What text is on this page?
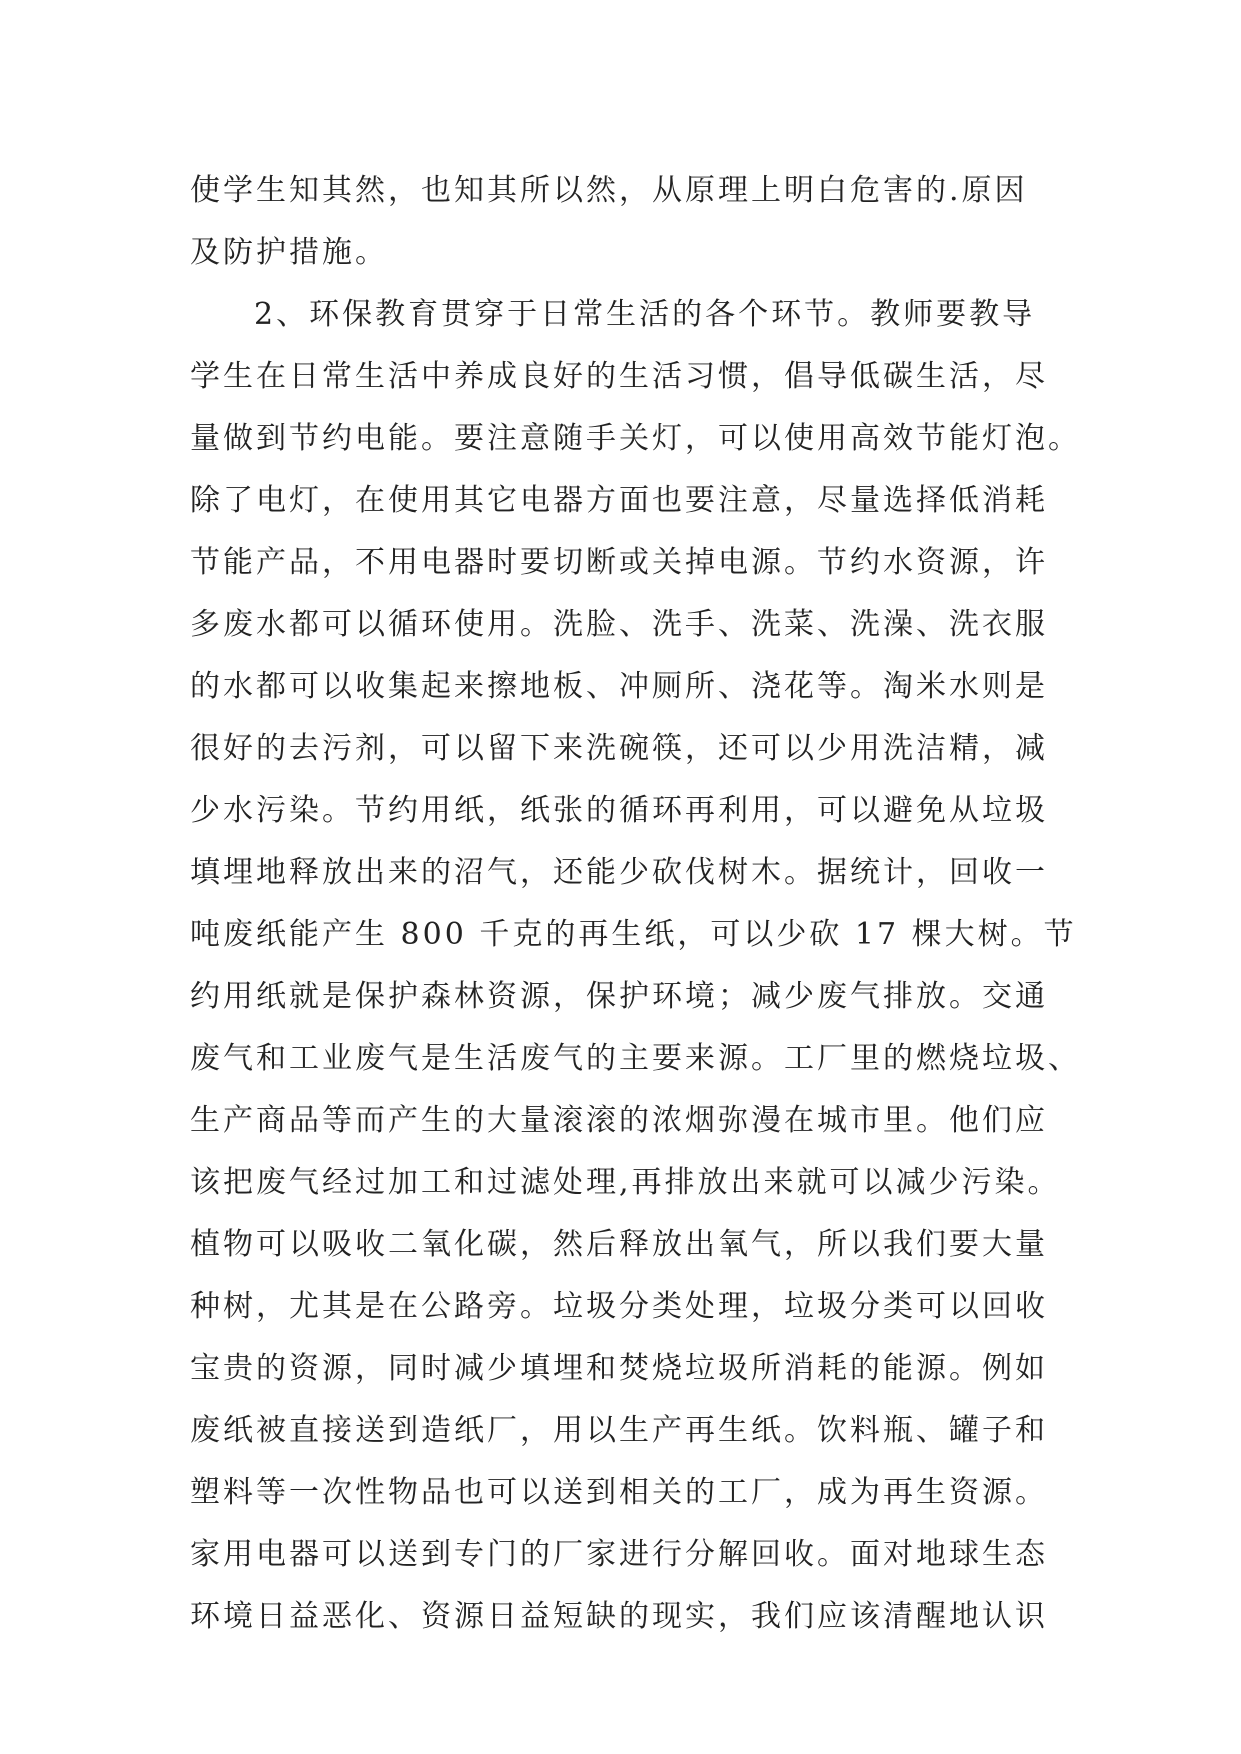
使学生知其然，也知其所以然，从原理上明白危害的.原因
及防护措施。
2、环保教育贯穿于日常生活的各个环节。教师要教导
学生在日常生活中养成良好的生活习惯，倡导低碳生活，尽
量做到节约电能。要注意随手关灯，可以使用高效节能灯泡。
除了电灯，在使用其它电器方面也要注意，尽量选择低消耗
节能产品，不用电器时要切断或关掉电源。节约水资源，许
多废水都可以循环使用。洗脸、洗手、洗菜、洗澡、洗衣服
的水都可以收集起来擦地板、冲厕所、浇花等。淘米水则是
很好的去污剂，可以留下来洗碗筷，还可以少用洗洁精，减
少水污染。节约用纸，纸张的循环再利用，可以避免从垃圾
填埋地释放出来的沼气，还能少砍伐树木。据统计，回收一
吨废纸能产生 800 千克的再生纸，可以少砍 17 棵大树。节
约用纸就是保护森林资源，保护环境；减少废气排放。交通
废气和工业废气是生活废气的主要来源。工厂里的燃烧垃圾、
生产商品等而产生的大量滚滚的浓烟弥漫在城市里。他们应
该把废气经过加工和过滤处理,再排放出来就可以减少污染。
植物可以吸收二氧化碳，然后释放出氧气，所以我们要大量
种树，尤其是在公路旁。垃圾分类处理，垃圾分类可以回收
宝贵的资源，同时减少填埋和焚烧垃圾所消耗的能源。例如
废纸被直接送到造纸厂，用以生产再生纸。饮料瓶、罐子和
塑料等一次性物品也可以送到相关的工厂，成为再生资源。
家用电器可以送到专门的厂家进行分解回收。面对地球生态
环境日益恶化、资源日益短缺的现实，我们应该清醒地认识
